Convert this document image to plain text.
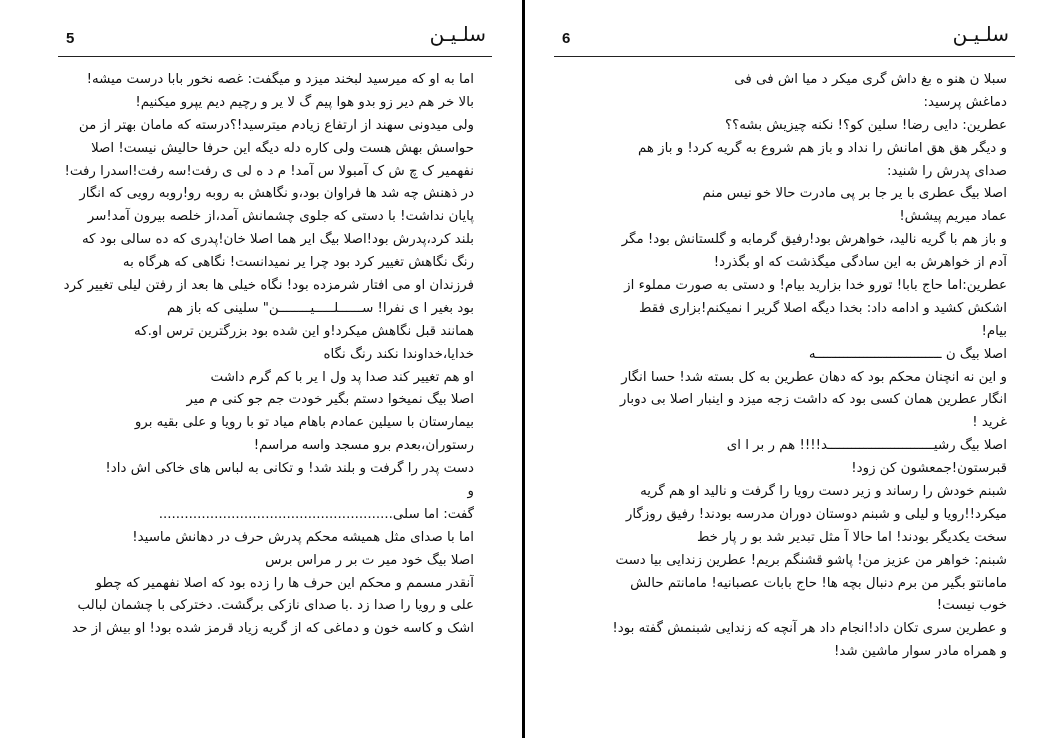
5	سلـیـن
اما به او که میرسید لبخند میزد و میگفت: غصه نخور بابا درست میشه!
بالا خر هم دیر زو بدو هوا پیم گ لا یر و رچیم دیم یپرو میکنیم!
ولی میدونی سهند از ارتفاع زیادم میترسید!؟درسته که مامان بهتر از من
حواسش بهش هست ولی کاره دله دیگه این حرفا حالیش نیست! اصلا
نفهمیر ک چ ش ک آمبولا س آمد! م د ه لی ی رفت!سه رفت!اسدرا رفت!
در ذهنش چه شد ها فراوان بود،و نگاهش به روبه رو!روبه رویی که انگار
پایان نداشت! با دستی که جلوی چشمانش آمد،از خلصه بیرون آمد!سر
بلند کرد،پدرش بود!اصلا بیگ ایر هما اصلا خان!پدری که ده سالی بود که
رنگ نگاهش تغییر کرد بود چرا یر نمیدانست! نگاهی که هرگاه به
فرزندان او می افتار شرمزده بود! نگاه خیلی ها بعد از رفتن لیلی تغییر کرد
بود بغیر ا ی نفرا! ســــــلـــــیــــــــن" سلینی که باز هم
همانند قبل نگاهش میکرد!و این شده بود بزرگترین ترس او.که
خدایا،خداوندا نکند رنگ نگاه
او هم تغییر کند صدا پد ول ا یر با کم گرم داشت
اصلا بیگ نمیخوا دستم بگیر خودت جم جو کنی م میر
بیمارستان با سیلین عمادم باهام میاد تو با رویا و علی بقیه برو
رستوران،بعدم برو مسجد واسه مراسم!
دست پدر را گرفت و بلند شد! و تکانی به لباس های خاکی اش داد!
و
گفت: اما سلی.......................................................
اما با صدای مثل همیشه محکم پدرش حرف در دهانش ماسید!
اصلا بیگ خود میر ت بر ر مراس برس
آنقدر مسمم و محکم این حرف ها را زده بود که اصلا نفهمیر که چطو
علی و رویا را صدا زد .با صدای نازکی برگشت. دخترکی با چشمان لبالب
اشک و کاسه خون و دماغی که از گریه زیاد قرمز شده بود! او بیش از حد
6	سلـیـن
سبلا ن هنو ه بغ داش گری میکر د میا اش فی فی
دماغش پرسید:
عطرین: دایی رضا! سلین کو؟! نکنه چیزیش بشه؟؟
و دیگر هق هق امانش را نداد و باز هم شروع به گریه کرد! و باز هم
صدای پدرش را شنید:
اصلا بیگ عطری با یر جا بر پی مادرت حالا خو نیس منم
عماد میریم پیشش!
و باز هم با گریه نالید، خواهرش بود!رفیق گرمابه و گلستانش بود! مگر
آدم از خواهرش به این سادگی میگذشت که او بگذرد!
عطرین:اما حاج بابا! تورو خدا بزارید بیام! و دستی به صورت مملوء از
اشکش کشید و ادامه داد: بخدا دیگه اصلا گریر ا نمیکنم!بزاری فقط
بیام!
اصلا بیگ ن ــــــــــــــــــــــــــــــــه
و این نه انچنان محکم بود که دهان عطرین به کل بسته شد! حسا انگار
انگار عطرین همان کسی بود که داشت زجه میزد و اینبار اصلا بی دوبار
غرید !
اصلا بیگ رشیـــــــــــــــــــــــــــد!!!! هم ر بر ا ای
قبرستون!جمعشون کن زود!
شبنم خودش را رساند و زیر دست رویا را گرفت و نالید او هم گریه
میکرد!!رویا و لیلی و شبنم دوستان دوران مدرسه بودند! رفیق روزگار
سخت یکدیگر بودند! اما حالا آ مثل تبدیر شد بو ر پار خط
شبنم: خواهر من عزیز من! پاشو قشنگم بریم! عطرین زندایی بیا دست
مامانتو بگیر من برم دنبال بچه ها! حاج بابات عصبانیه! مامانتم حالش
خوب نیست!
و عطرین سری تکان داد!انجام داد هر آنچه که زندایی شبنمش گفته بود!
و همراه مادر سوار ماشین شد!
